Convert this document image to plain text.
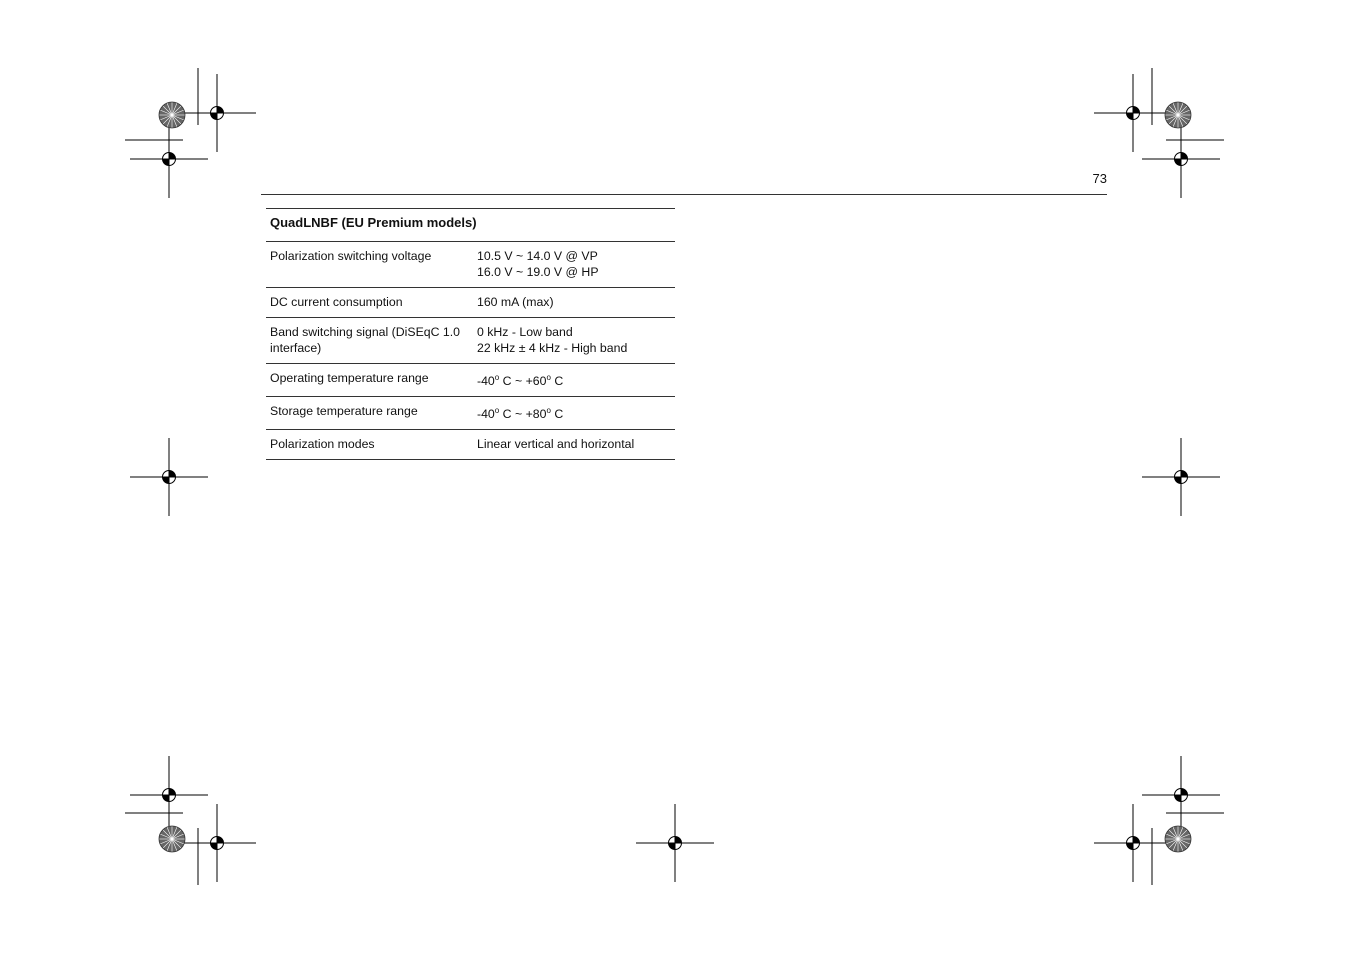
73
QuadLNBF (EU Premium models)	
Polarization switching voltage	10.5 V ~ 14.0 V @ VP
16.0 V ~ 19.0 V @ HP

DC current consumption	160 mA (max)

Band switching signal (DiSEqC 1.0 interface)	0 kHz - Low band
22 kHz ± 4 kHz - High band

Operating temperature range	-40$^o$ C ~ $+60^o$ C
Storage temperature range	-40$^o$ C ~ $+80^o$ C
Polarization modes	Linear vertical and horizontal
